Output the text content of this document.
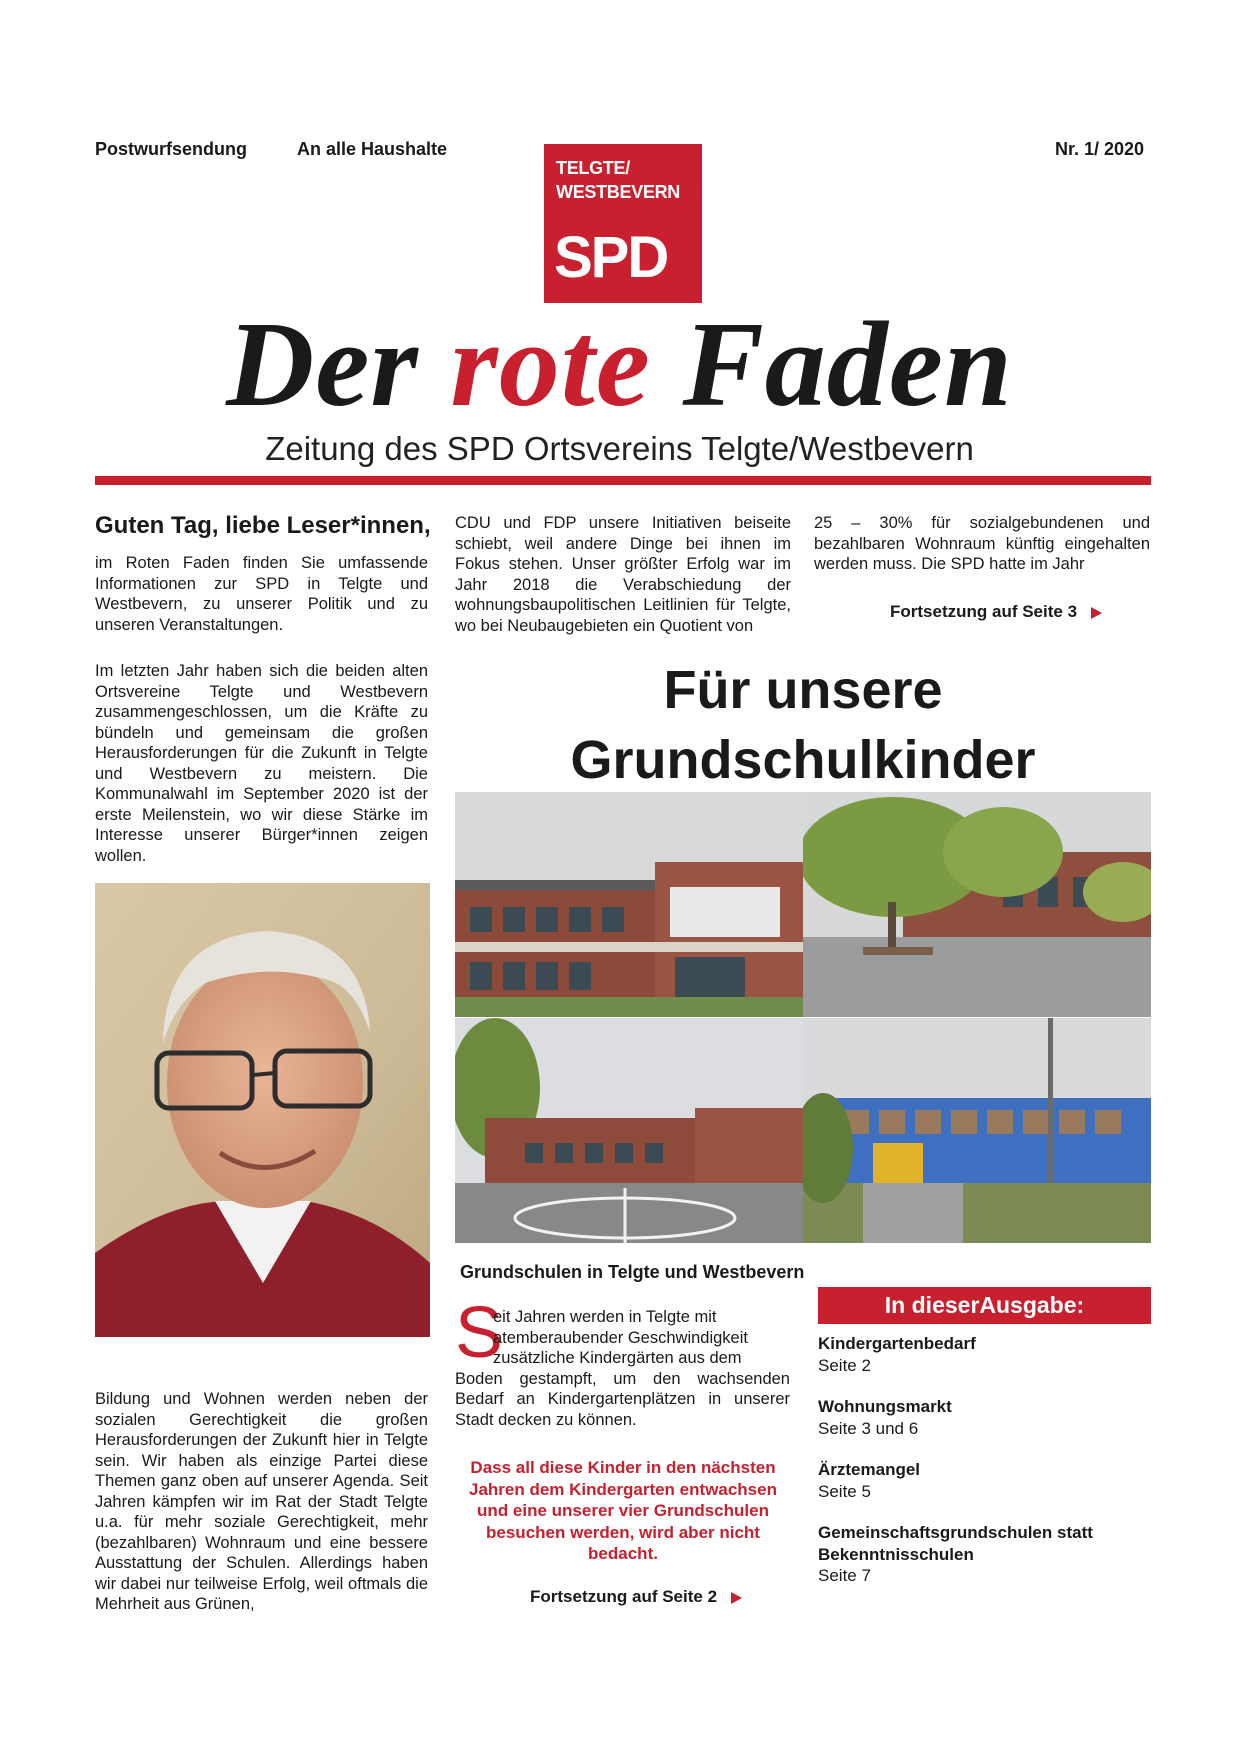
Postwurfsendung	An alle Haushalte	Nr. 1/ 2020
TELGTE/
WESTBEVERN
SPD
Der rote Faden
Zeitung des SPD Ortsvereins Telgte/Westbevern
Guten Tag, liebe Leser*innen,
im Roten Faden finden Sie umfassende Informationen zur SPD in Telgte und Westbevern, zu unserer Politik und zu unseren Veranstaltungen.
Im letzten Jahr haben sich die beiden alten Ortsvereine Telgte und Westbevern zusammengeschlossen, um die Kräfte zu bündeln und gemeinsam die großen Herausforderungen für die Zukunft in Telgte und Westbevern zu meistern. Die Kommunalwahl im September 2020 ist der erste Meilenstein, wo wir diese Stärke im Interesse unserer Bürger*innen zeigen wollen.
Bildung und Wohnen werden neben der sozialen Gerechtigkeit die großen Herausforderungen der Zukunft hier in Telgte sein. Wir haben als einzige Partei diese Themen ganz oben auf unserer Agenda. Seit Jahren kämpfen wir im Rat der Stadt Telgte u.a. für mehr soziale Gerechtigkeit, mehr (bezahlbaren) Wohnraum und eine bessere Ausstattung der Schulen. Allerdings haben wir dabei nur teilweise Erfolg, weil oftmals die Mehrheit aus Grünen,
CDU und FDP unsere Initiativen beiseite schiebt, weil andere Dinge bei ihnen im Fokus stehen. Unser größter Erfolg war im Jahr 2018 die Verabschiedung der wohnungsbaupolitischen Leitlinien für Telgte, wo bei Neubaugebieten ein Quotient von
25 – 30% für sozialgebundenen und bezahlbaren Wohnraum künftig eingehalten werden muss. Die SPD hatte im Jahr
Fortsetzung auf Seite 3
Für unsere
Grundschulkinder
Grundschulen in Telgte und Westbevern
S
eit Jahren werden in Telgte mit
atemberaubender Geschwindigkeit
zusätzliche Kindergärten aus dem
Boden gestampft, um den wachsenden Bedarf an Kindergartenplätzen in unserer Stadt decken zu können.
Dass all diese Kinder in den nächsten Jahren dem Kindergarten entwachsen und eine unserer vier Grundschulen besuchen werden, wird aber nicht bedacht.
Fortsetzung auf Seite 2
In dieserAusgabe:
Kindergartenbedarf
Seite 2
Wohnungsmarkt
Seite 3 und 6
Ärztemangel
Seite 5
Gemeinschaftsgrundschulen statt Bekenntnisschulen
Seite 7
